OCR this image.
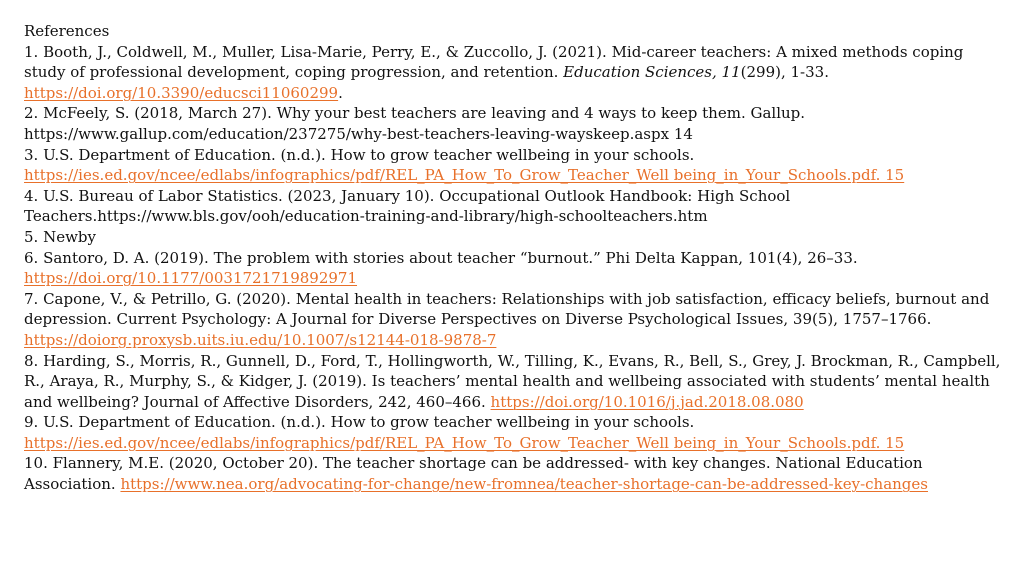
References

1. Booth, J., Coldwell, M., Muller, Lisa-Marie, Perry, E., & Zuccollo, J. (2021). Mid-career teachers: A mixed methods coping study of professional development, coping progression, and retention. Education Sciences, 11(299), 1-33.
https://doi.org/10.3390/educsci11060299.

2. McFeely, S. (2018, March 27). Why your best teachers are leaving and 4 ways to keep them. Gallup. https://www.gallup.com/education/237275/why-best-teachers-leaving-wayskeep.aspx 14

3. U.S. Department of Education. (n.d.). How to grow teacher wellbeing in your schools.
https://ies.ed.gov/ncee/edlabs/infographics/pdf/REL_PA_How_To_Grow_Teacher_Well being_in_Your_Schools.pdf. 15

4. U.S. Bureau of Labor Statistics. (2023, January 10). Occupational Outlook Handbook: High School Teachers.https://www.bls.gov/ooh/education-training-and-library/high-schoolteachers.htm

5. Newby

6. Santoro, D. A. (2019). The problem with stories about teacher “burnout.” Phi Delta Kappan, 101(4), 26–33.
https://doi.org/10.1177/0031721719892971

7. Capone, V., & Petrillo, G. (2020). Mental health in teachers: Relationships with job satisfaction, efficacy beliefs, burnout and depression. Current Psychology: A Journal for Diverse Perspectives on Diverse Psychological Issues, 39(5), 1757–1766.
https://doiorg.proxysb.uits.iu.edu/10.1007/s12144-018-9878-7

8. Harding, S., Morris, R., Gunnell, D., Ford, T., Hollingworth, W., Tilling, K., Evans, R., Bell, S., Grey, J. Brockman, R., Campbell, R., Araya, R., Murphy, S., & Kidger, J. (2019). Is teachers’ mental health and wellbeing associated with students’ mental health and wellbeing? Journal of Affective Disorders, 242, 460–466. https://doi.org/10.1016/j.jad.2018.08.080

9. U.S. Department of Education. (n.d.). How to grow teacher wellbeing in your schools.
https://ies.ed.gov/ncee/edlabs/infographics/pdf/REL_PA_How_To_Grow_Teacher_Well being_in_Your_Schools.pdf. 15

10. Flannery, M.E. (2020, October 20). The teacher shortage can be addressed- with key changes. National Education Association. https://www.nea.org/advocating-for-change/new-fromnea/teacher-shortage-can-be-addressed-key-changes
